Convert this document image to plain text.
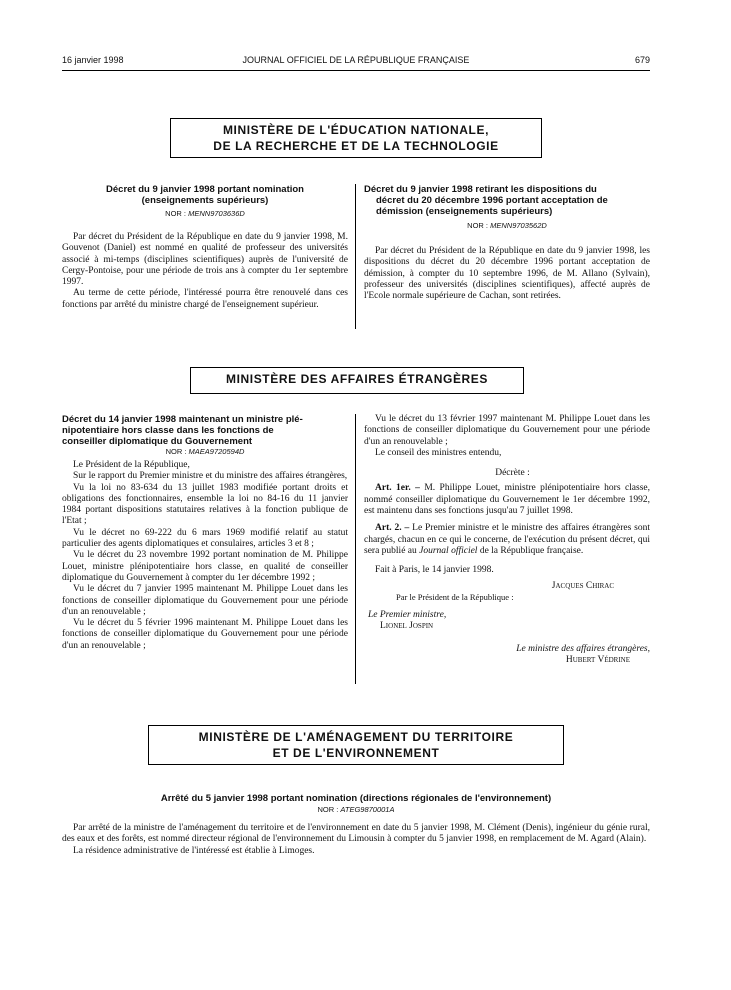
16 janvier 1998	JOURNAL OFFICIEL DE LA RÉPUBLIQUE FRANÇAISE	679
MINISTÈRE DE L'ÉDUCATION NATIONALE,
DE LA RECHERCHE ET DE LA TECHNOLOGIE
Décret du 9 janvier 1998 portant nomination
(enseignements supérieurs)
NOR : MENN9703636D

Par décret du Président de la République en date du 9 janvier 1998, M. Gouvenot (Daniel) est nommé en qualité de professeur des universités associé à mi-temps (disciplines scientifiques) auprès de l'université de Cergy-Pontoise, pour une période de trois ans à compter du 1er septembre 1997.

Au terme de cette période, l'intéressé pourra être renouvelé dans ces fonctions par arrêté du ministre chargé de l'enseignement supérieur.

Décret du 9 janvier 1998 retirant les dispositions du
décret du 20 décembre 1996 portant acceptation de
démission (enseignements supérieurs)
NOR : MENN9703562D

Par décret du Président de la République en date du 9 janvier 1998, les dispositions du décret du 20 décembre 1996 portant acceptation de démission, à compter du 10 septembre 1996, de M. Allano (Sylvain), professeur des universités (disciplines scientifiques), affecté auprès de l'Ecole normale supérieure de Cachan, sont retirées.

MINISTÈRE DES AFFAIRES ÉTRANGÈRES
Décret du 14 janvier 1998 maintenant un ministre plé-
nipotentiaire hors classe dans les fonctions de
conseiller diplomatique du Gouvernement
NOR : MAEA9720594D

Le Président de la République,

Sur le rapport du Premier ministre et du ministre des affaires étrangères,

Vu la loi no 83-634 du 13 juillet 1983 modifiée portant droits et obligations des fonctionnaires, ensemble la loi no 84-16 du 11 janvier 1984 portant dispositions statutaires relatives à la fonction publique de l'Etat ;

Vu le décret no 69-222 du 6 mars 1969 modifié relatif au statut particulier des agents diplomatiques et consulaires, articles 3 et 8 ;

Vu le décret du 23 novembre 1992 portant nomination de M. Philippe Louet, ministre plénipotentiaire hors classe, en qualité de conseiller diplomatique du Gouvernement à compter du 1er décembre 1992 ;

Vu le décret du 7 janvier 1995 maintenant M. Philippe Louet dans les fonctions de conseiller diplomatique du Gouvernement pour une période d'un an renouvelable ;

Vu le décret du 5 février 1996 maintenant M. Philippe Louet dans les fonctions de conseiller diplomatique du Gouvernement pour une période d'un an renouvelable ;

Vu le décret du 13 février 1997 maintenant M. Philippe Louet dans les fonctions de conseiller diplomatique du Gouvernement pour une période d'un an renouvelable ;

Le conseil des ministres entendu,

Décrète :

Art. 1er. – M. Philippe Louet, ministre plénipotentiaire hors classe, nommé conseiller diplomatique du Gouvernement le 1er décembre 1992, est maintenu dans ses fonctions jusqu'au 7 juillet 1998.

Art. 2. – Le Premier ministre et le ministre des affaires étrangères sont chargés, chacun en ce qui le concerne, de l'exécution du présent décret, qui sera publié au Journal officiel de la République française.

Fait à Paris, le 14 janvier 1998.

Jacques Chirac
Par le Président de la République :
Le Premier ministre,
Lionel Jospin
Le ministre des affaires étrangères,
Hubert Védrine
MINISTÈRE DE L'AMÉNAGEMENT DU TERRITOIRE
ET DE L'ENVIRONNEMENT
Arrêté du 5 janvier 1998 portant nomination (directions régionales de l'environnement)
NOR : ATEG9870001A

Par arrêté de la ministre de l'aménagement du territoire et de l'environnement en date du 5 janvier 1998, M. Clément (Denis), ingénieur du génie rural, des eaux et des forêts, est nommé directeur régional de l'environnement du Limousin à compter du 5 janvier 1998, en remplacement de M. Agard (Alain).

La résidence administrative de l'intéressé est établie à Limoges.
